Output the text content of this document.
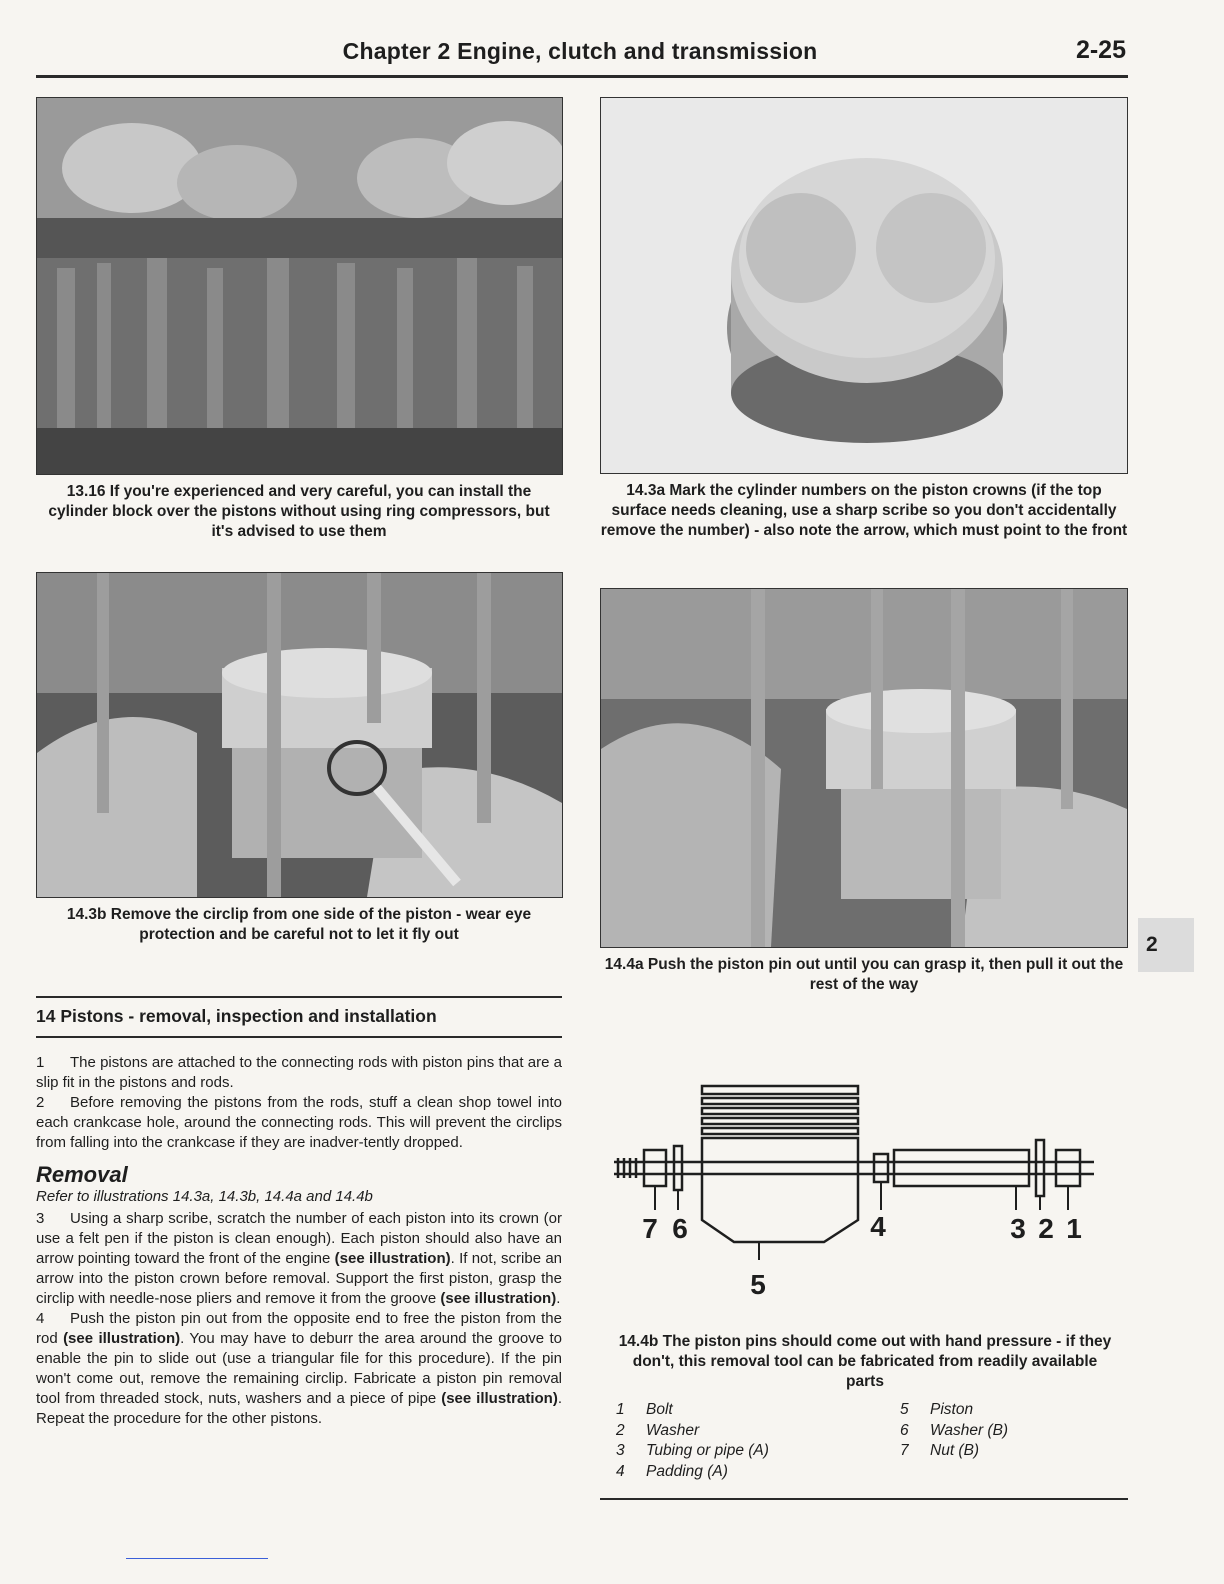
Chapter 2 Engine, clutch and transmission	2-25
13.16 If you're experienced and very careful, you can install the cylinder block over the pistons without using ring compressors, but it's advised to use them
14.3a Mark the cylinder numbers on the piston crowns (if the top surface needs cleaning, use a sharp scribe so you don't accidentally remove the number) - also note the arrow, which must point to the front
14.3b Remove the circlip from one side of the piston - wear eye protection and be careful not to let it fly out
14.4a Push the piston pin out until you can grasp it, then pull it out the rest of the way
2
14 Pistons - removal, inspection and installation

1 The pistons are attached to the connecting rods with piston pins that are a slip fit in the pistons and rods.

2 Before removing the pistons from the rods, stuff a clean shop towel into each crankcase hole, around the connecting rods. This will prevent the circlips from falling into the crankcase if they are inadver-tently dropped.

Removal

Refer to illustrations 14.3a, 14.3b, 14.4a and 14.4b

3 Using a sharp scribe, scratch the number of each piston into its crown (or use a felt pen if the piston is clean enough). Each piston should also have an arrow pointing toward the front of the engine (see illustration). If not, scribe an arrow into the piston crown before removal. Support the first piston, grasp the circlip with needle-nose pliers and remove it from the groove (see illustration).

4 Push the piston pin out from the opposite end to free the piston from the rod (see illustration). You may have to deburr the area around the groove to enable the pin to slide out (use a triangular file for this procedure). If the pin won't come out, remove the remaining circlip. Fabricate a piston pin removal tool from threaded stock, nuts, washers and a piece of pipe (see illustration). Repeat the procedure for the other pistons.

7 6	4	3 2 1
5
14.4b The piston pins should come out with hand pressure - if they don't, this removal tool can be fabricated from readily available parts
1 Bolt
2 Washer
3 Tubing or pipe (A)
4 Padding (A)
5 Piston
6 Washer (B)
7 Nut (B)
